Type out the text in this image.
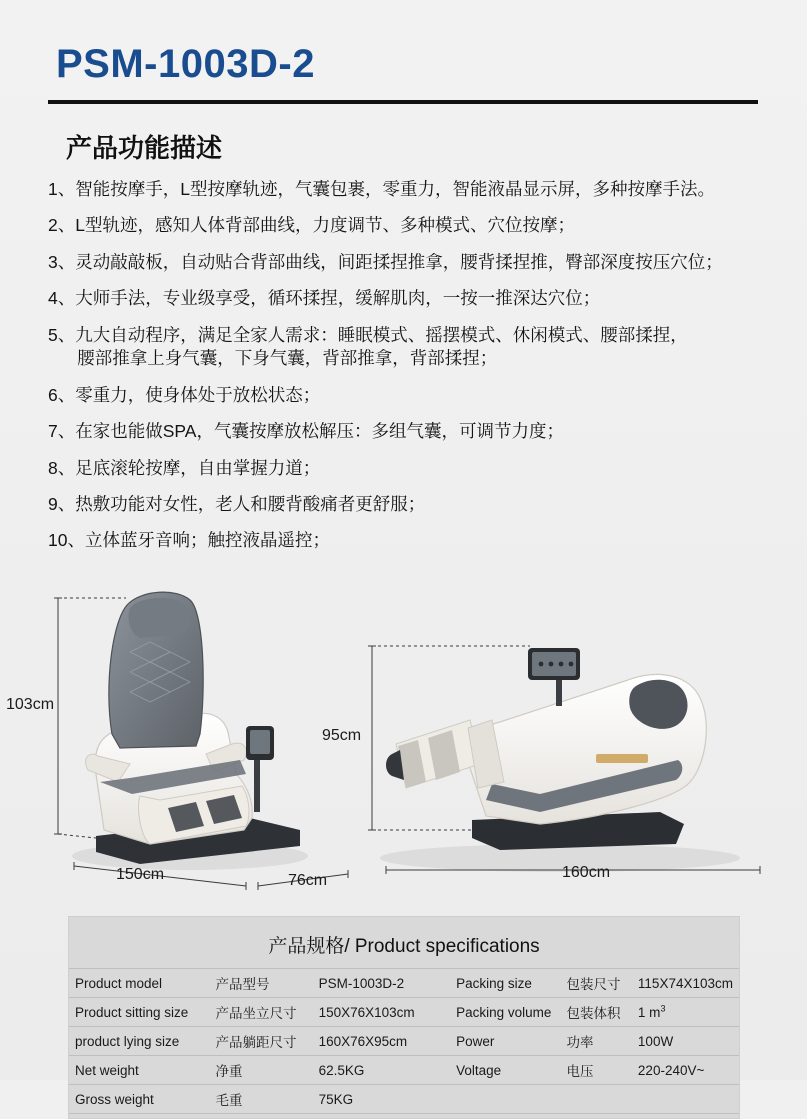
PSM-1003D-2
产品功能描述
1、 智能按摩手，L型按摩轨迹，气囊包裹，零重力，智能液晶显示屏，多种按摩手法。
2、 L型轨迹，感知人体背部曲线，力度调节、多种模式、穴位按摩；
3、 灵动敲敲板，自动贴合背部曲线，间距揉捏推拿，腰背揉捏推，臀部深度按压穴位；
4、 大师手法，专业级享受，循环揉捏，缓解肌肉，一按一推深达穴位；
5、 九大自动程序，满足全家人需求：睡眠模式、摇摆模式、休闲模式、腰部揉捏，
腰部推拿上身气囊，下身气囊，背部推拿，背部揉捏；
6、 零重力，使身体处于放松状态；
7、 在家也能做SPA，气囊按摩放松解压：多组气囊，可调节力度；
8、 足底滚轮按摩，自由掌握力道；
9、 热敷功能对女性，老人和腰背酸痛者更舒服；
10、 立体蓝牙音响；触控液晶遥控；
103cm
150cm	76cm
95cm
160cm
产品规格/ Product specifications
Product model	产品型号	PSM-1003D-2	Packing size	包装尺寸	115X74X103cm
Product sitting size	产品坐立尺寸	150X76X103cm	Packing volume	包装体积	1 $m^3$
product lying size	产品躺距尺寸	160X76X95cm	Power	功率	100W
Net weight	净重	62.5KG	Voltage	电压	220-240V~
Gross weight	毛重	75KG			
